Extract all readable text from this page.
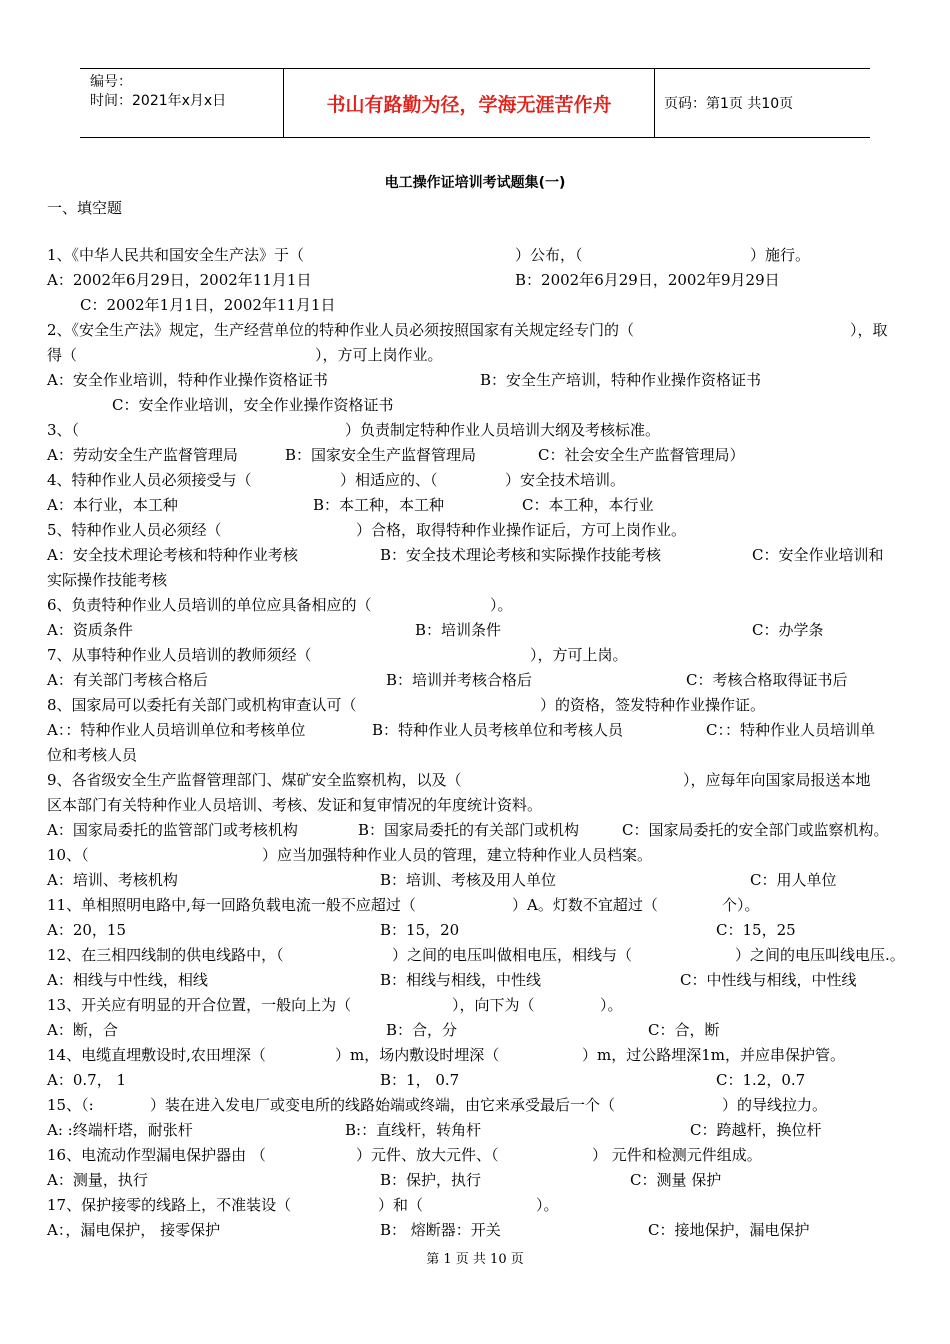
编号：
时间：2021年x月x日	书山有路勤为径，学海无涯苦作舟	页码：第1页 共10页
电工操作证培训考试题集(一)
一、填空题
1、《中华人民共和国安全生产法》于（	）公布，（	）施行。
A：2002年6月29日，2002年11月1日	B：2002年6月29日，2002年9月29日
C：2002年1月1日，2002年11月1日
2、《安全生产法》规定，生产经营单位的特种作业人员必须按照国家有关规定经专门的（	），取
得（	），方可上岗作业。
A：安全作业培训，特种作业操作资格证书	B：安全生产培训，特种作业操作资格证书
C：安全作业培训，安全作业操作资格证书
3、（	）负责制定特种作业人员培训大纲及考核标准。
A：劳动安全生产监督管理局	B：国家安全生产监督管理局	C：社会安全生产监督管理局）
4、特种作业人员必须接受与（	）相适应的、（	）安全技术培训。
A：本行业，本工种	B：本工种，本工种	C：本工种，本行业
5、特种作业人员必须经（	）合格，取得特种作业操作证后，方可上岗作业。
A：安全技术理论考核和特种作业考核	B：安全技术理论考核和实际操作技能考核	C：安全作业培训和
实际操作技能考核
6、负责特种作业人员培训的单位应具备相应的（	）。
A：资质条件	B：培训条件	C：办学条
7、从事特种作业人员培训的教师须经（	），方可上岗。
A：有关部门考核合格后	B：培训并考核合格后	C：考核合格取得证书后
8、国家局可以委托有关部门或机构审查认可（	）的资格，签发特种作业操作证。
A：：特种作业人员培训单位和考核单位	B：特种作业人员考核单位和考核人员	C：：特种作业人员培训单
位和考核人员
9、各省级安全生产监督管理部门、煤矿安全监察机构，以及（	），应每年向国家局报送本地
区本部门有关特种作业人员培训、考核、发证和复审情况的年度统计资料。
A：国家局委托的监管部门或考核机构	B：国家局委托的有关部门或机构	C：国家局委托的安全部门或监察机构。
10、（	）应当加强特种作业人员的管理，建立特种作业人员档案。
A：培训、考核机构	B：培训、考核及用人单位	C：用人单位
11、单相照明电路中,每一回路负载电流一般不应超过（	）A。灯数不宜超过（	个）。
A：20，15	B：15，20	C：15，25
12、在三相四线制的供电线路中，（	）之间的电压叫做相电压，相线与（	）之间的电压叫线电压.。
A：相线与中性线，相线	B：相线与相线，中性线	C：中性线与相线，中性线
13、开关应有明显的开合位置，一般向上为（	），向下为（	）。
A：断，合	B：合，分	C：合，断
14、电缆直埋敷设时,农田埋深（	）m，场内敷设时埋深（	）m，过公路埋深1m，并应串保护管。
A：0.7， 1	B：1， 0.7	C：1.2，0.7
15、（:	）装在进入发电厂或变电所的线路始端或终端，由它来承受最后一个（	）的导线拉力。
A: :终端杆塔，耐张杆	B:：直线杆，转角杆	C：跨越杆，换位杆
16、电流动作型漏电保护器由 （	）元件、放大元件、（	） 元件和检测元件组成。
A：测量，执行	B：保护，执行	C：测量 保护
17、保护接零的线路上，不准装设（	）和（	）。
A：，漏电保护， 接零保护	B： 熔断器：开关	C：接地保护，漏电保护
第 1 页 共 10 页
